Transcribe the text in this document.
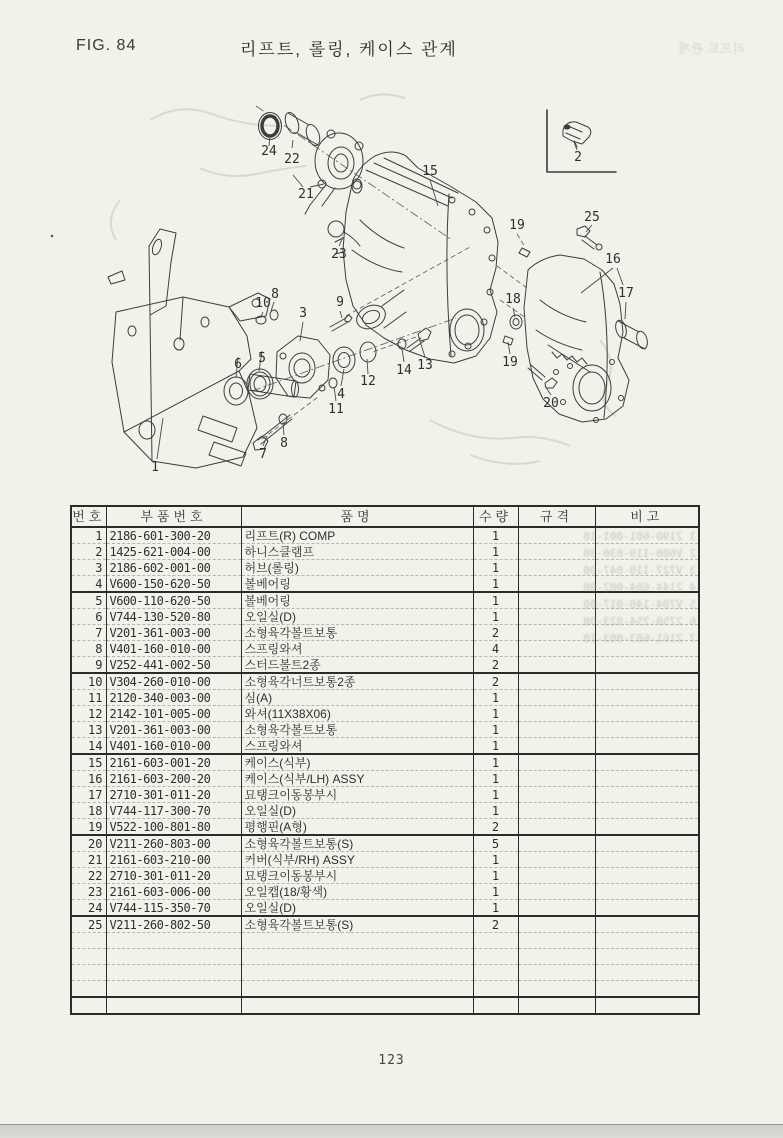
FIG. 84	리프트, 롤링, 케이스 관계	리프트 관계
1
2
3
4
5
6
7
8
8
9
10
11
12
13
14
15
16
17
18
19
19
20
21
22
23
24
25
번호	부품번호	품명	수량	규격	비고
1	2186-601-300-20	리프트(R) COMP	1		
2	1425-621-004-00	하니스클램프	1		
3	2186-602-001-00	허브(롤링)	1		
4	V600-150-620-50	볼베어링	1		
5	V600-110-620-50	볼베어링	1		
6	V744-130-520-80	오일실(D)	1		
7	V201-361-003-00	소형육각볼트보통	2		
8	V401-160-010-00	스프링와셔	4		
9	V252-441-002-50	스터드볼트2종	2		
10	V304-260-010-00	소형육각너트보통2종	2		
11	2120-340-003-00	심(A)	1		
12	2142-101-005-00	와셔(11X38X06)	1		
13	V201-361-003-00	소형육각볼트보통	1		
14	V401-160-010-00	스프링와셔	1		
15	2161-603-001-20	케이스(식부)	1		
16	2161-603-200-20	케이스(식부/LH) ASSY	1		
17	2710-301-011-20	묘탱크이동봉부시	1		
18	V744-117-300-70	오일실(D)	1		
19	V522-100-801-80	평행핀(A형)	2		
20	V211-260-803-00	소형육각볼트보통(S)	5		
21	2161-603-210-00	커버(식부/RH) ASSY	1		
22	2710-301-011-20	묘탱크이동봉부시	1		
23	2161-603-006-00	오일캡(18/황색)	1		
24	V744-115-350-70	오일실(D)	1		
25	V211-260-802-50	소형육각볼트보통(S)	2		

1 2190-601-001-10
2 V600-110-630-30
3 V727-110-047-00
4 2144-604-002-00
5 V704-140-017-00
6 2750-254-023-00
7 2161-603-003-10
123
